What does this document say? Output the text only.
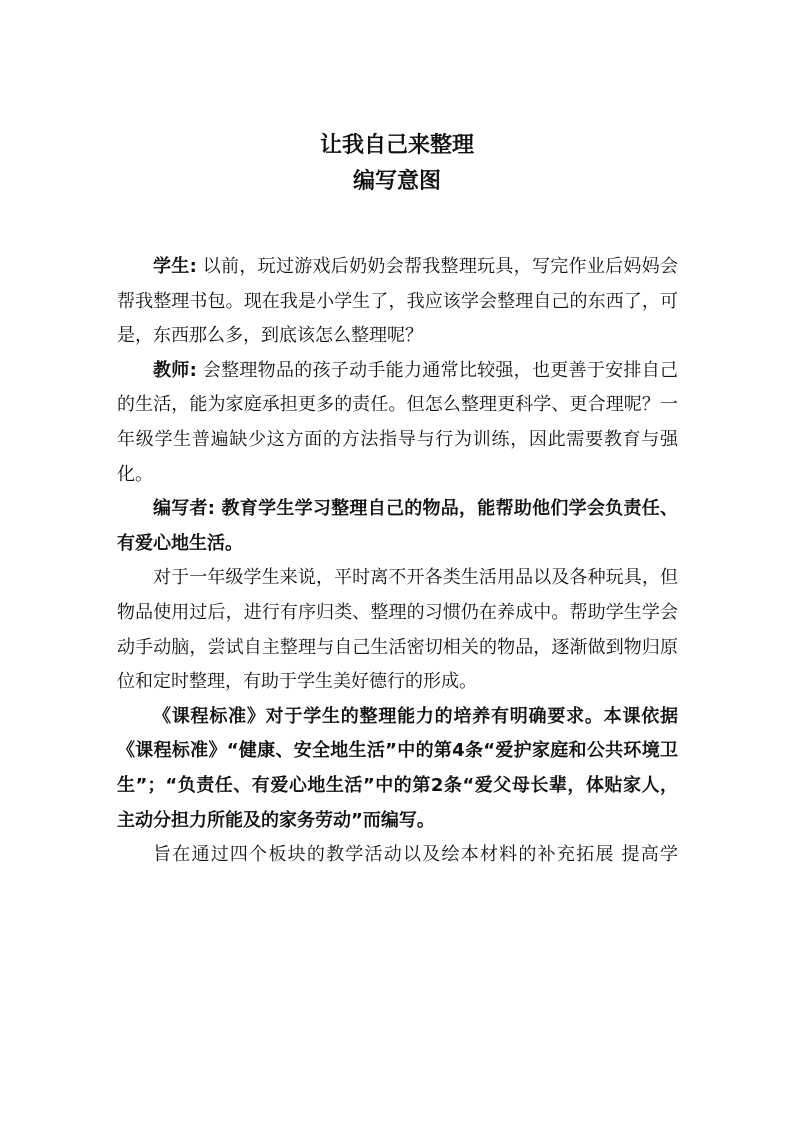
让我自己来整理
编写意图

学生: 以前，玩过游戏后奶奶会帮我整理玩具，写完作业后妈妈会帮我整理书包。现在我是小学生了，我应该学会整理自己的东西了，可是，东西那么多，到底该怎么整理呢？

教师: 会整理物品的孩子动手能力通常比较强，也更善于安排自己的生活，能为家庭承担更多的责任。但怎么整理更科学、更合理呢？一年级学生普遍缺少这方面的方法指导与行为训练，因此需要教育与强化。

编写者: 教育学生学习整理自己的物品，能帮助他们学会负责任、有爱心地生活。

对于一年级学生来说，平时离不开各类生活用品以及各种玩具，但物品使用过后，进行有序归类、整理的习惯仍在养成中。帮助学生学会动手动脑，尝试自主整理与自己生活密切相关的物品，逐渐做到物归原位和定时整理，有助于学生美好德行的形成。

《课程标准》对于学生的整理能力的培养有明确要求。本课依据《课程标准》“健康、安全地生活”中的第4条“爱护家庭和公共环境卫生”；“负责任、有爱心地生活”中的第2条“爱父母长辈，体贴家人，主动分担力所能及的家务劳动”而编写。

旨在通过四个板块的教学活动以及绘本材料的补充拓展 提高学
